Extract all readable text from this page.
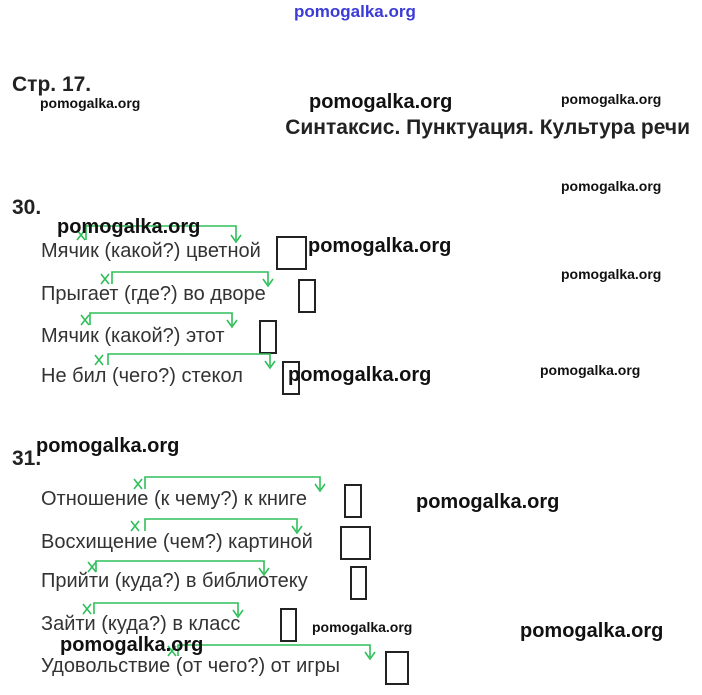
pomogalka.org
Стр. 17.
Синтаксис. Пунктуация. Культура речи
30.
31.
Мячик (какой?) цветной
Прыгает (где?) во дворе
Мячик (какой?) этот
Не бил (чего?) стекол
Отношение (к чему?) к книге
Восхищение (чем?) картиной
Прийти (куда?) в библиотеку
Зайти (куда?) в класс
Удовольствие (от чего?) от игры
pomogalka.org
pomogalka.org	pomogalka.org
pomogalka.org
pomogalka.org
pomogalka.org
pomogalka.org
pomogalka.org
pomogalka.org
pomogalka.org
pomogalka.org
pomogalka.org	pomogalka.org
pomogalka.org
